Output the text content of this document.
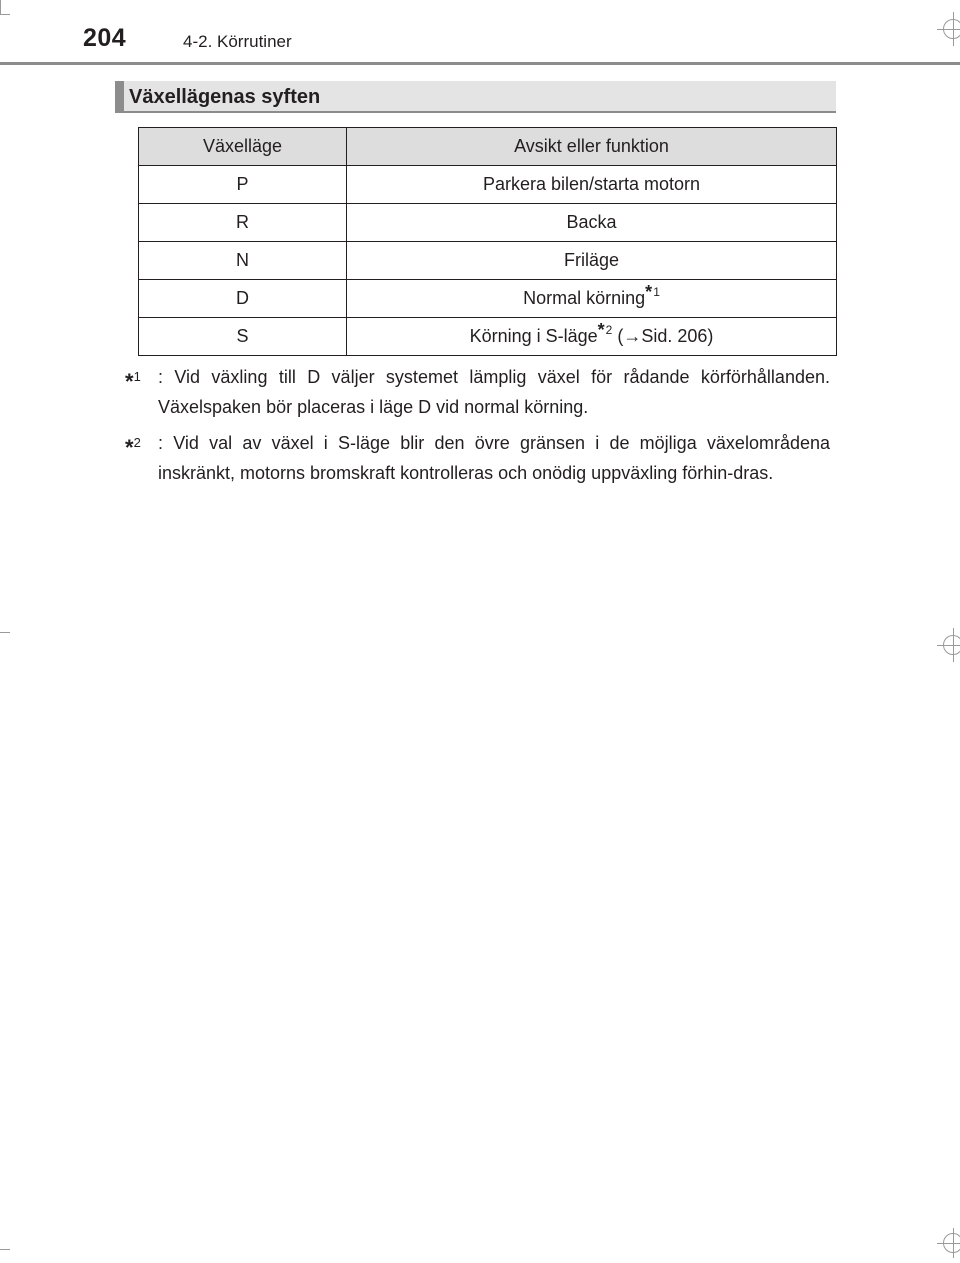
204	4-2. Körrutiner
Växellägenas syften
Växelläge	Avsikt eller funktion
P	Parkera bilen/starta motorn
R	Backa
N	Friläge
D	Normal körning$^{*1}$
S	Körning i S-läge$^{*2}$ (→Sid. 206)
*$^1$ : Vid växling till D väljer systemet lämplig växel för rådande körförhållanden. Växelspaken bör placeras i läge D vid normal körning.
*$^2$ : Vid val av växel i S-läge blir den övre gränsen i de möjliga växelområdena inskränkt, motorns bromskraft kontrolleras och onödig uppväxling förhin-dras.
